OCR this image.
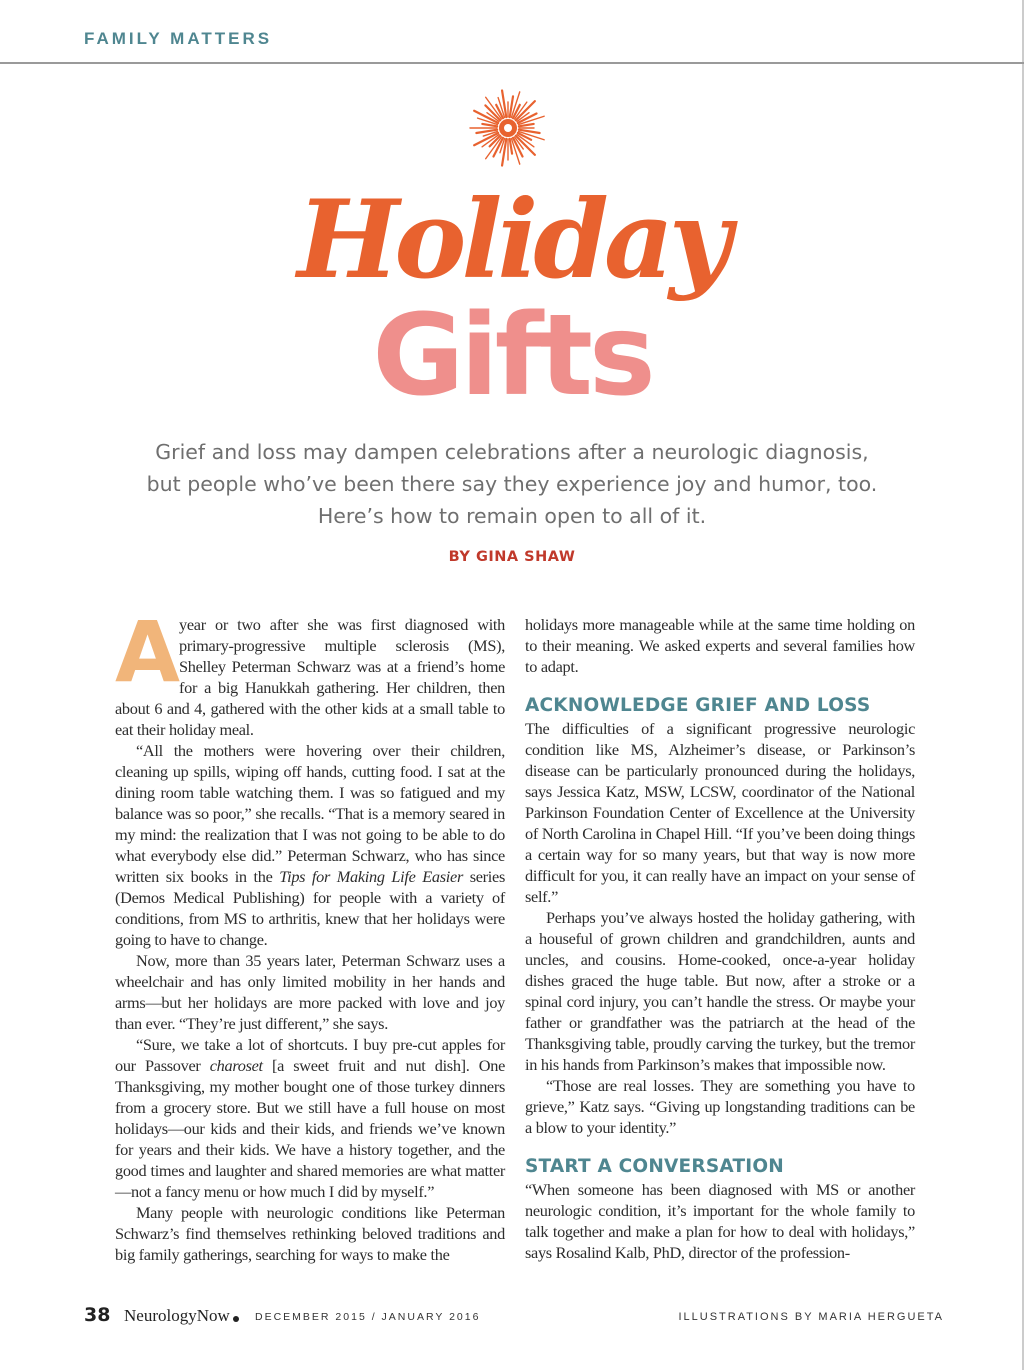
FAMILY MATTERS
Holiday
Gifts

Grief and loss may dampen celebrations after a neurologic diagnosis,
but people who’ve been there say they experience joy and humor, too.
Here’s how to remain open to all of it.

BY GINA SHAW

Ayear or two after she was first diagnosed with primary-progressive multiple sclerosis (MS), Shelley Peterman Schwarz was at a friend’s home for a big Hanukkah gathering. Her children, then about 6 and 4, gathered with the other kids at a small table to eat their holiday meal.

“All the mothers were hovering over their children, cleaning up spills, wiping off hands, cutting food. I sat at the dining room table watching them. I was so fatigued and my balance was so poor,” she recalls. “That is a memory seared in my mind: the realization that I was not going to be able to do what everybody else did.” Peterman Schwarz, who has since written six books in the Tips for Making Life Easier series (Demos Medical Publishing) for people with a variety of conditions, from MS to arthritis, knew that her holidays were going to have to change.

Now, more than 35 years later, Peterman Schwarz uses a wheelchair and has only limited mobility in her hands and arms—but her holidays are more packed with love and joy than ever. “They’re just different,” she says.

“Sure, we take a lot of shortcuts. I buy pre-cut apples for our Passover charoset [a sweet fruit and nut dish]. One Thanksgiving, my mother bought one of those turkey dinners from a grocery store. But we still have a full house on most holidays—our kids and their kids, and friends we’ve known for years and their kids. We have a history together, and the good times and laughter and shared memories are what matter—not a fancy menu or how much I did by myself.”

Many people with neurologic conditions like Peterman Schwarz’s find themselves rethinking beloved traditions and big family gatherings, searching for ways to make the

holidays more manageable while at the same time holding on to their meaning. We asked experts and several families how to adapt.

ACKNOWLEDGE GRIEF AND LOSS

The difficulties of a significant progressive neurologic condition like MS, Alzheimer’s disease, or Parkinson’s disease can be particularly pronounced during the holidays, says Jessica Katz, MSW, LCSW, coordinator of the National Parkinson Foundation Center of Excellence at the University of North Carolina in Chapel Hill. “If you’ve been doing things a certain way for so many years, but that way is now more difficult for you, it can really have an impact on your sense of self.”

Perhaps you’ve always hosted the holiday gathering, with a houseful of grown children and grandchildren, aunts and uncles, and cousins. Home-cooked, once-a-year holiday dishes graced the huge table. But now, after a stroke or a spinal cord injury, you can’t handle the stress. Or maybe your father or grandfather was the patriarch at the head of the Thanksgiving table, proudly carving the turkey, but the tremor in his hands from Parkinson’s makes that impossible now.

“Those are real losses. They are something you have to grieve,” Katz says. “Giving up longstanding traditions can be a blow to your identity.”

START A CONVERSATION

“When someone has been diagnosed with MS or another neurologic condition, it’s important for the whole family to talk together and make a plan for how to deal with holidays,” says Rosalind Kalb, PhD, director of the profession-

38 NeurologyNow DECEMBER 2015 / JANUARY 2016	ILLUSTRATIONS BY MARIA HERGUETA
